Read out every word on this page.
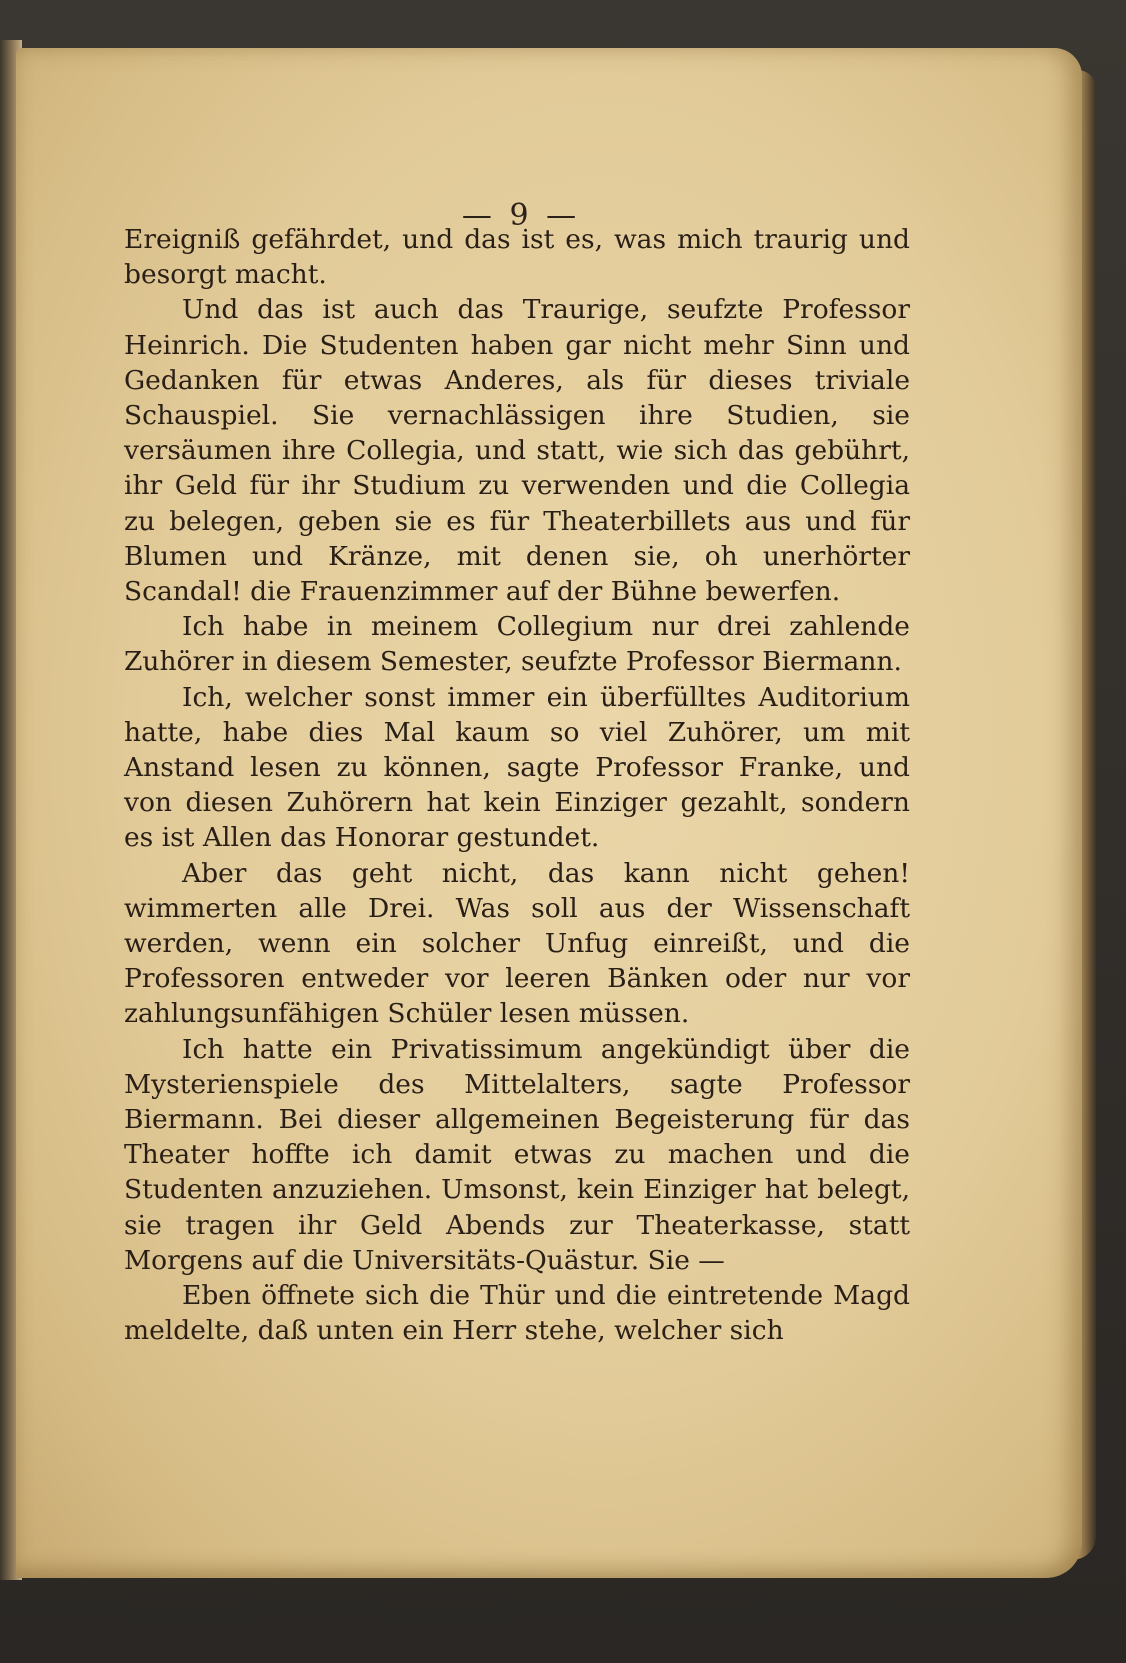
— 9 —

Ereigniß gefährdet, und das ist es, was mich traurig und besorgt macht.

Und das ist auch das Traurige, seufzte Professor Heinrich. Die Studenten haben gar nicht mehr Sinn und Gedanken für etwas Anderes, als für dieses triviale Schauspiel. Sie vernachlässigen ihre Studien, sie versäumen ihre Collegia, und statt, wie sich das gebührt, ihr Geld für ihr Studium zu verwenden und die Collegia zu belegen, geben sie es für Theaterbillets aus und für Blumen und Kränze, mit denen sie, oh unerhörter Scandal! die Frauenzimmer auf der Bühne bewerfen.

Ich habe in meinem Collegium nur drei zahlende Zuhörer in diesem Semester, seufzte Professor Biermann.

Ich, welcher sonst immer ein überfülltes Auditorium hatte, habe dies Mal kaum so viel Zuhörer, um mit Anstand lesen zu können, sagte Professor Franke, und von diesen Zuhörern hat kein Einziger gezahlt, sondern es ist Allen das Honorar gestundet.

Aber das geht nicht, das kann nicht gehen! wimmerten alle Drei. Was soll aus der Wissenschaft werden, wenn ein solcher Unfug einreißt, und die Professoren entweder vor leeren Bänken oder nur vor zahlungsunfähigen Schüler lesen müssen.

Ich hatte ein Privatissimum angekündigt über die Mysterienspiele des Mittelalters, sagte Professor Biermann. Bei dieser allgemeinen Begeisterung für das Theater hoffte ich damit etwas zu machen und die Studenten anzuziehen. Umsonst, kein Einziger hat belegt, sie tragen ihr Geld Abends zur Theaterkasse, statt Morgens auf die Universitäts-Quästur. Sie —

Eben öffnete sich die Thür und die eintretende Magd meldelte, daß unten ein Herr stehe, welcher sich
